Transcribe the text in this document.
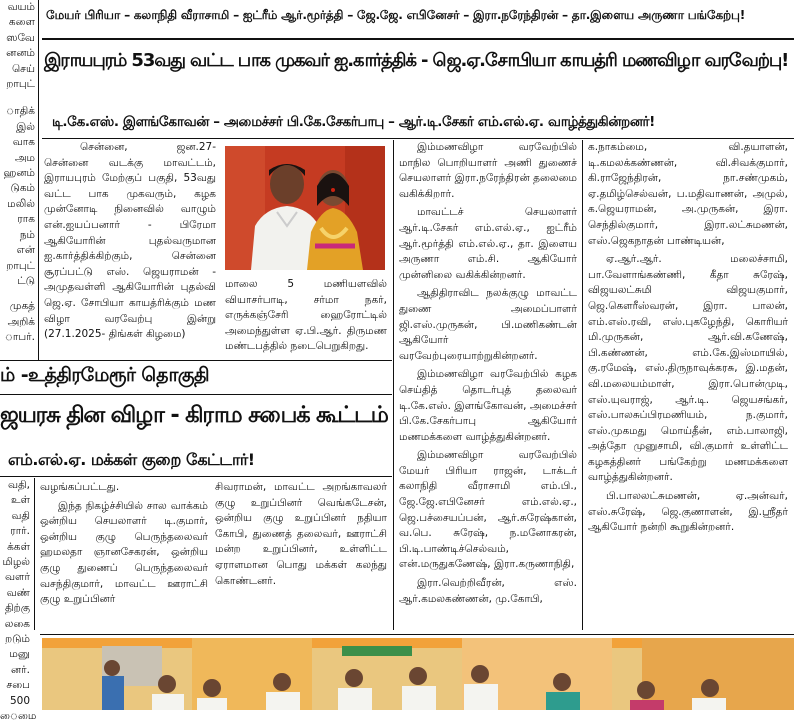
வயம்
களை
ஸவே
னனம்
செய்
றாபுட்
ாதிக்
இல்
வாக
அம
ஹனம்
டுகம்
மலில்
ராக
நம்
என்
றாபுட்
ட்டு
முகத்
அறிக்
ாபர்.
வதி,
உள்
வதி
ரார்.
க்கள்
மிழல்
வளர்
வண்
திற்கு
லகை
றடும்
மனு
னர்.
சபை
500
ைமை
மேயர் பிரியா – கலாநிதி வீராசாமி – ஐட்ரீம் ஆர்.மூர்த்தி – ஜே.ஜே. எபினேசர் – இரா.நரேந்திரன் – தா.இளைய அருணா பங்கேற்பு!
இராயபுரம் 53வது வட்ட பாக முகவர் ஐ.கார்த்திக் - ஜெ.ஏ.சோபியா காயத்ரி மணவிழா வரவேற்பு!
டி.கே.எஸ். இளங்கோவன் – அமைச்சர் பி.கே.சேகர்பாபு – ஆர்.டி.சேகர் எம்.எல்.ஏ. வாழ்த்துகின்றனர்!

சென்னை, ஜன.27- சென்னை வடக்கு மாவட்டம், இராயபுரம் மேற்குப் பகுதி, 53வது வட்ட பாக முகவரும், கழக முன்னோடி நினைவில் வாழும் என்.ஐயப்பனார் - பிரேமா ஆகியோரின் புதல்வருமான ஐ.கார்த்திக்கிற்கும், சென்னை சூரப்பட்டு எஸ். ஜெயராமன் - அமுதவள்ளி ஆகியோரின் புதல்வி ஜெ.ஏ. சோபியா காயத்ரிக்கும் மண விழா வரவேற்பு இன்று (27.1.2025- திங்கள் கிழமை)

மாலை 5 மணியளவில் வியாசர்பாடி, சர்மா நகர், எருக்கஞ்சேரி ஹைரோட்டில் அமைந்துள்ள ஏ.பி.ஆர். திருமண மண்டபத்தில் நடைபெறுகிறது.

இம்மணவிழா வரவேற்பில் மாநில பொறியாளர் அணி துணைச் செயலாளர் இரா.நரேந்திரன் தலைமை வகிக்கிறார்.

மாவட்டச் செயலாளர் ஆர்.டி.சேகர் எம்.எல்.ஏ., ஐட்ரீம் ஆர்.மூர்த்தி எம்.எல்.ஏ., தா. இளைய அருணா எம்.சி. ஆகியோர் முன்னிலை வகிக்கின்றனர்.

ஆதிதிராவிட நலக்குழு மாவட்ட துணை அமைப்பாளர் ஜி.எஸ்.முருகன், பி.மணிகண்டன் ஆகியோர் வரவேற்புரையாற்றுகின்றனர்.

இம்மணவிழா வரவேற்பில் கழக செய்தித் தொடர்புத் தலைவர் டி.கே.எஸ். இளங்கோவன், அமைச்சர் பி.கே.சேகர்பாபு ஆகியோர் மணமக்களை வாழ்த்துகின்றனர்.

இம்மணவிழா வரவேற்பில் மேயர் பிரியா ராஜன், டாக்டர் கலாநிதி வீராசாமி எம்.பி., ஜே.ஜே.எபினேசர் எம்.எல்.ஏ., ஜெ.பச்சையப்பன், ஆர்.சுரேஷ்கான், வ.பெ. சுரேஷ், ந.மனோகரன், பி.டி.பாண்டிச்செல்வம், என்.மருதுகணேஷ், இரா.கருணாநிதி,

இரா.வெற்றிவீரன், எஸ். ஆர்.கமலகண்ணன், மு.கோபி,

க.நாகம்மை, வி.தயாளன், டி.கமலக்கண்ணன், வி.சிவக்குமார், கி.ராஜேந்திரன், நா.சண்முகம், ஏ.தமிழ்செல்வன், ப.மதிவாணன், அமுல், க.ஜெயராமன், அ.முருகன், இரா. செந்தில்குமார், இரா.லட்சுமணன், எஸ்.ஜெகநாதன் பாண்டியன்,

ஏ.ஆர்.ஆர். மலைச்சாமி, பா.வேளாங்கண்ணி, கீதா சுரேஷ், விஜயலட்சுமி விஜயகுமார், ஜெ.கௌரீஸ்வரன், இரா. பாலன், எம்.எஸ்.ரவி, எஸ்.புகழேந்தி, கொரியர் மி.முருகன், ஆர்.வி.கணேஷ், பி.கண்ணன், எம்.கே.இஸ்மாயில், கு.ரமேஷ், எஸ்.திருநாவுக்கரசு, இ.மதன், வி.மலையம்மாள், இரா.பொன்முடி, எஸ்.யுவராஜ், ஆர்.டி. ஜெயசங்கர், எஸ்.பாலசுப்பிரமணியம், ந.குமார், எஸ்.முகமது மொய்தீன், எம்.பாலாஜி, அத்தோ முனுசாமி, வி.குமார் உள்ளிட்ட கழகத்தினர் பங்கேற்று மணமக்களை வாழ்த்துகின்றனர்.

பி.பாலலட்சுமணன், ஏ.அன்வர், எஸ்.சுரேஷ், ஜெ.குணாளன், இ.ஸ்ரீதர் ஆகியோர் நன்றி கூறுகின்றனர்.

ம் -உத்திரமேரூர் தொகுதி
ஜயரசு தின விழா - கிராம சபைக் கூட்டம்
எம்.எல்.ஏ. மக்கள் குறை கேட்டார்!

வழங்கப்பட்டது.

இந்த நிகழ்ச்சியில் சால வாக்கம் ஒன்றிய செயலாளர் டி.குமார், ஒன்றிய குழு பெருந்தலைவர் ஹமலதா ஞானசேகரன், ஒன்றிய குழு துணைப் பெருந்தலைவர் வசந்திகுமார், மாவட்ட ஊராட்சி குழு உறுப்பினர்

சிவராமன், மாவட்ட அறங்காவலர் குழு உறுப்பினர் வெங்கடேசன், ஒன்றிய குழு உறுப்பினர் நதியா கோபி, துணைத் தலைவர், ஊராட்சி மன்ற உறுப்பினர், உள்ளிட்ட ஏராளமான பொது மக்கள் கலந்து கொண்டனர்.
